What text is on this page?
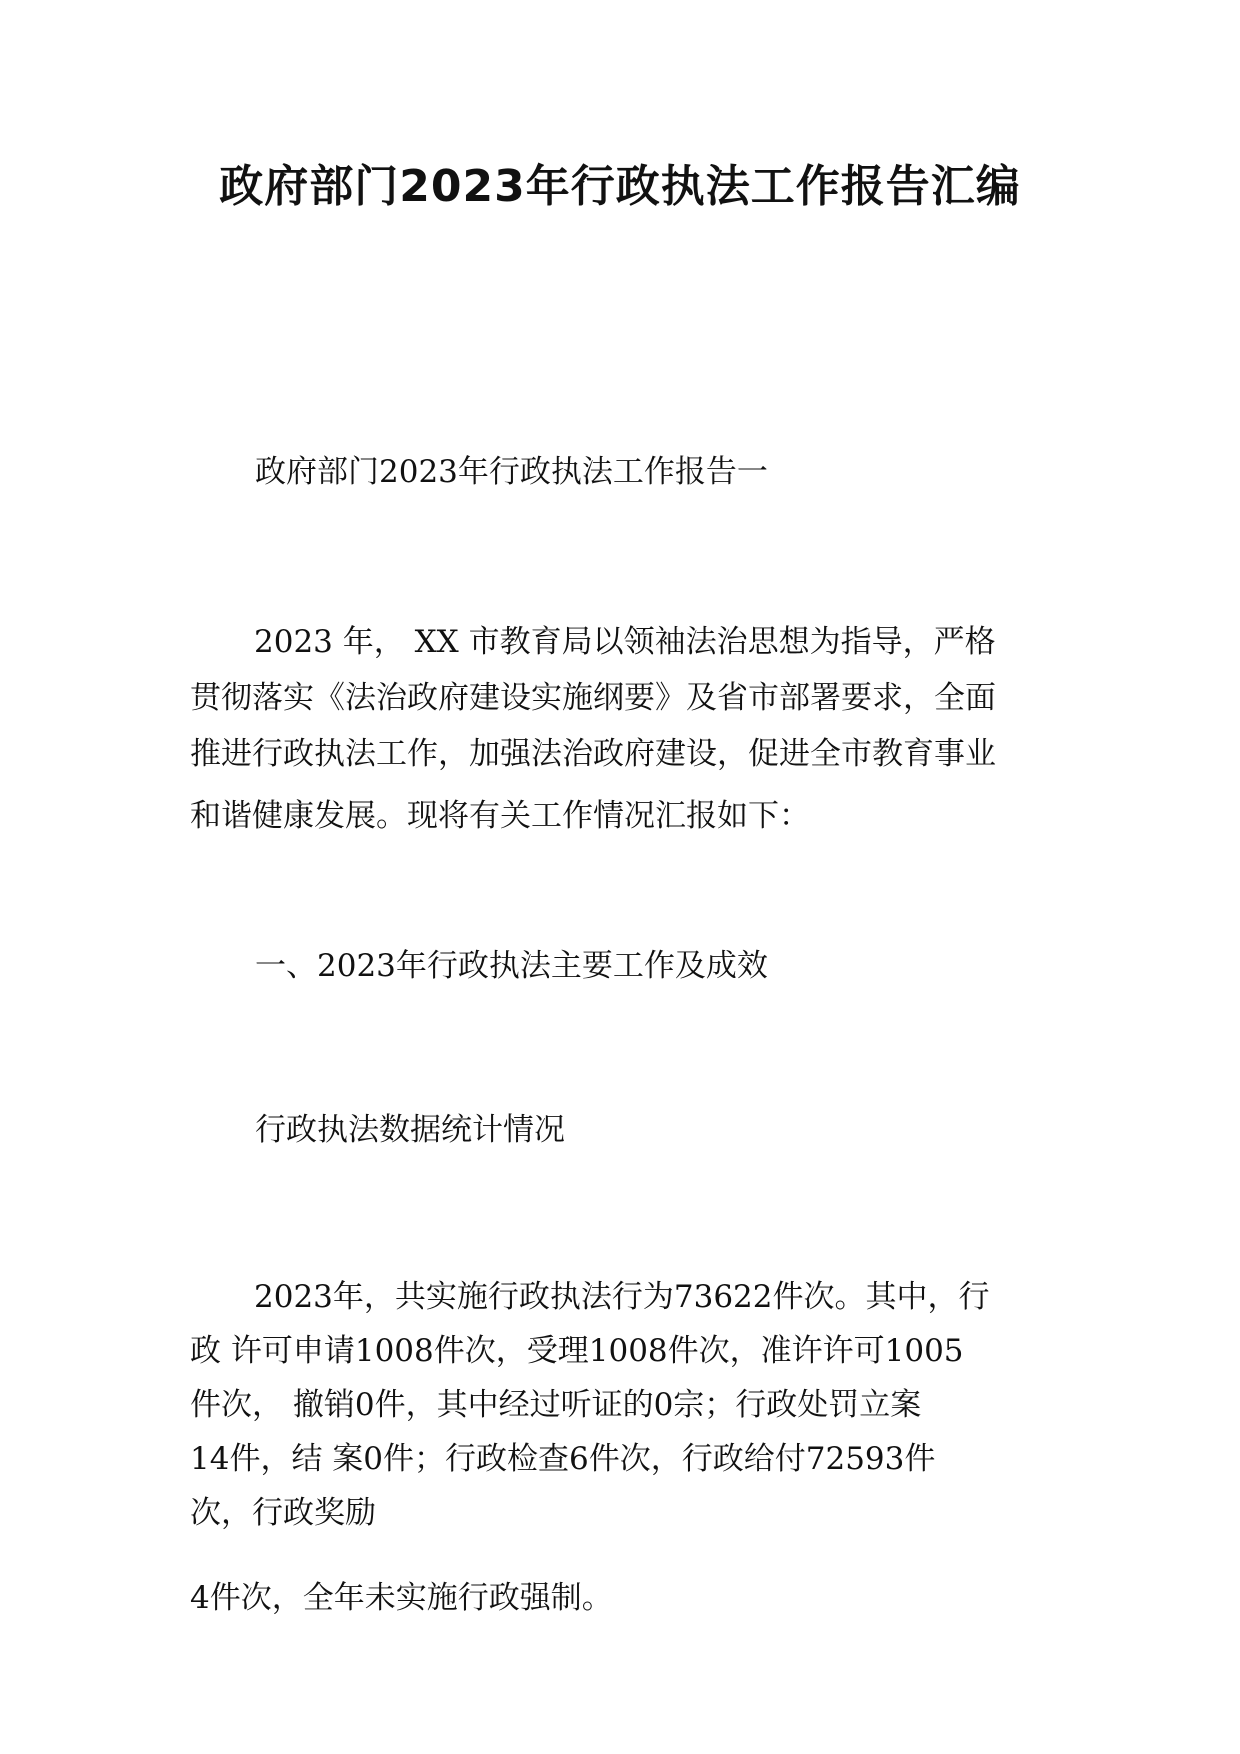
政府部门2023年行政执法工作报告汇编

政府部门2023年行政执法工作报告一

2023 年， XX 市教育局以领袖法治思想为指导，严格
贯彻落实《法治政府建设实施纲要》及省市部署要求，全面
推进行政执法工作，加强法治政府建设，促进全市教育事业
和谐健康发展。现将有关工作情况汇报如下：

一、2023年行政执法主要工作及成效

行政执法数据统计情况

2023年，共实施行政执法行为73622件次。其中，行
政 许可申请1008件次，受理1008件次，准许许可1005
件次， 撤销0件，其中经过听证的0宗；行政处罚立案
14件，结 案0件；行政检查6件次，行政给付72593件
次，行政奖励

4件次，全年未实施行政强制。
